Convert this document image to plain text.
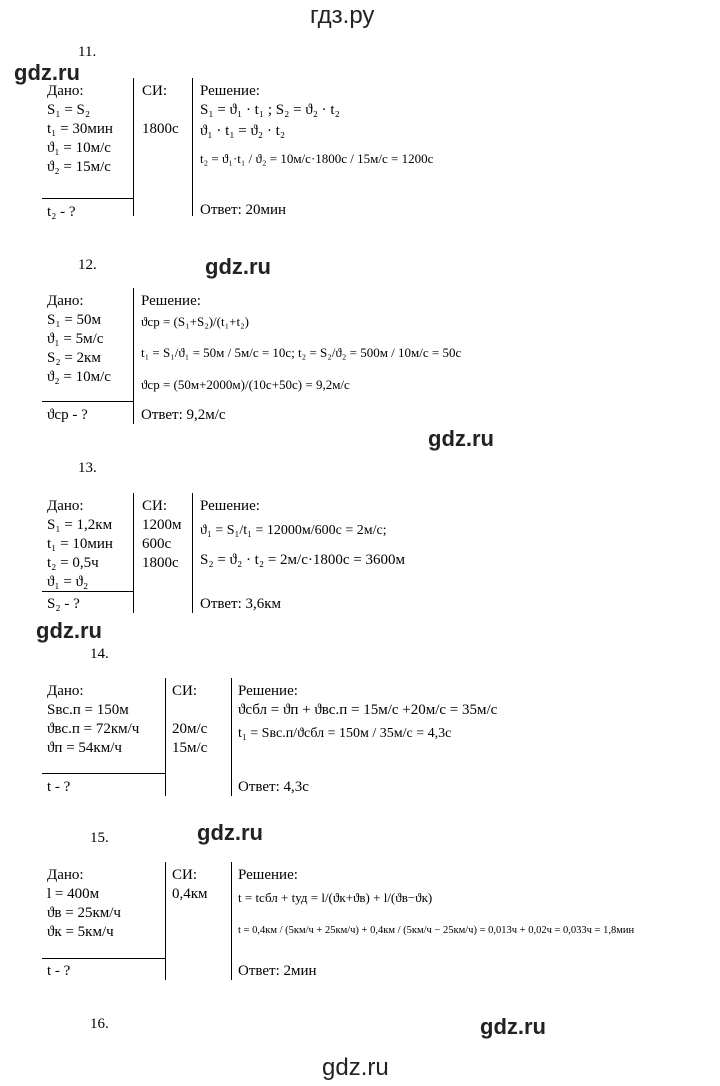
гдз.ру
gdz.ru
gdz.ru
gdz.ru
gdz.ru
gdz.ru
gdz.ru
gdz.ru
11.
Дано:
S₁ = S₂
t₁ = 30мин
ϑ₁ = 10м/с
ϑ₂ = 15м/с
t₂ - ?
СИ:
1800с
Решение:
S₁ = ϑ₁ · t₁ ; S₂ = ϑ₂ · t₂
ϑ₁ · t₁ = ϑ₂ · t₂
t₂ = ϑ₁·t₁ / ϑ₂ = 10м/с·1800с / 15м/с = 1200с
Ответ: 20мин
12.
Дано:
S₁ = 50м
ϑ₁ = 5м/с
S₂ = 2км
ϑ₂ = 10м/с
ϑср - ?
Решение:
ϑср = (S₁+S₂)/(t₁+t₂)
t₁ = S₁/ϑ₁ = 50м / 5м/с = 10с; t₂ = S₂/ϑ₂ = 500м / 10м/с = 50с
ϑср = (50м+2000м)/(10с+50с) = 9,2м/с
Ответ: 9,2м/с
13.
Дано:
S₁ = 1,2км
t₁ = 10мин
t₂ = 0,5ч
ϑ₁ = ϑ₂
S₂ - ?
СИ:
1200м
600с
1800с
Решение:
ϑ₁ = S₁/t₁ = 12000м/600с = 2м/с;
S₂ = ϑ₂ · t₂ = 2м/с·1800с = 3600м
Ответ: 3,6км
14.
Дано:
Sвс.п = 150м
ϑвс.п = 72км/ч
ϑп = 54км/ч
t - ?
СИ:
20м/с
15м/с
Решение:
ϑсбл = ϑп + ϑвс.п = 15м/с +20м/с = 35м/с
t₁ = Sвс.п/ϑсбл = 150м / 35м/с = 4,3с
Ответ: 4,3с
15.
Дано:
l = 400м
ϑв = 25км/ч
ϑк = 5км/ч
t - ?
СИ:
0,4км
Решение:
t = tсбл + tуд = l/(ϑк+ϑв) + l/(ϑв−ϑк)
t = 0,4км / (5км/ч + 25км/ч) + 0,4км / (5км/ч − 25км/ч) = 0,013ч + 0,02ч = 0,033ч = 1,8мин
Ответ: 2мин
16.
